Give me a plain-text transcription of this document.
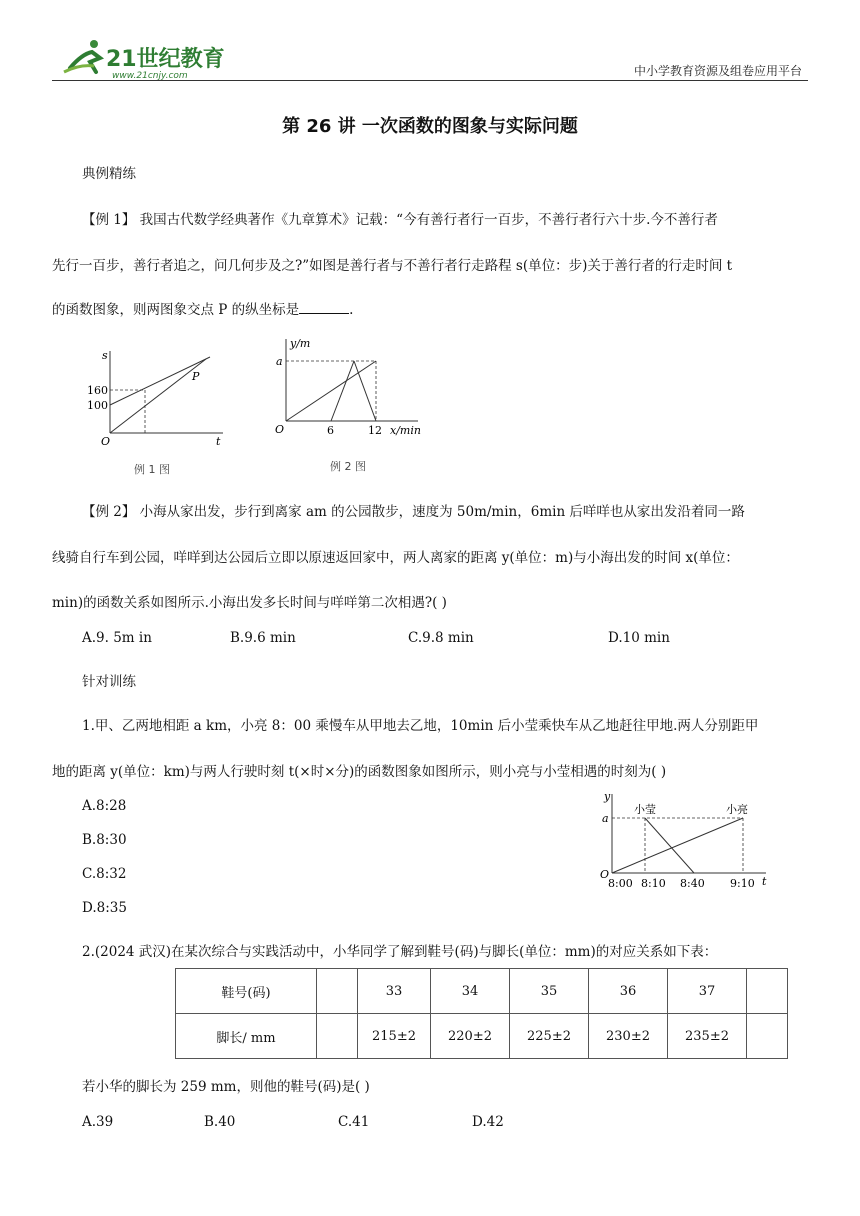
21世纪教育
www.21cnjy.com	中小学教育资源及组卷应用平台
第 26 讲 一次函数的图象与实际问题
典例精练
【例 1】 我国古代数学经典著作《九章算术》记载：“今有善行者行一百步，不善行者行六十步.今不善行者
先行一百步，善行者追之，问几何步及之?”如图是善行者与不善行者行走路程 s(单位：步)关于善行者的行走时间 t
的函数图象，则两图象交点 P 的纵坐标是	.
s
t
O
P
160
100
例 1 图
y/m
a
O	6	12 x/min
例 2 图
【例 2】 小海从家出发，步行到离家 am 的公园散步，速度为 50m/min，6min 后咩咩也从家出发沿着同一路
线骑自行车到公园，咩咩到达公园后立即以原速返回家中，两人离家的距离 y(单位：m)与小海出发的时间 x(单位：
min)的函数关系如图所示.小海出发多长时间与咩咩第二次相遇?( )
A.9. 5m in	B.9.6 min	C.9.8 min	D.10 min
针对训练
1.甲、乙两地相距 a km，小亮 8：00 乘慢车从甲地去乙地，10min 后小莹乘快车从乙地赶往甲地.两人分别距甲
地的距离 y(单位：km)与两人行驶时刻 t(×时×分)的函数图象如图所示，则小亮与小莹相遇的时刻为( )
A.8:28
B.8:30
C.8:32
D.8:35
y
a
O
t
小莹	小亮
8:00 8:10 8:40 9:10
2.(2024 武汉)在某次综合与实践活动中，小华同学了解到鞋号(码)与脚长(单位：mm)的对应关系如下表：
鞋号(码)		33	34	35	36	37	
脚长/ mm		215±2	220±2	225±2	230±2	235±2	
若小华的脚长为 259 mm，则他的鞋号(码)是( )
A.39	B.40	C.41	D.42
